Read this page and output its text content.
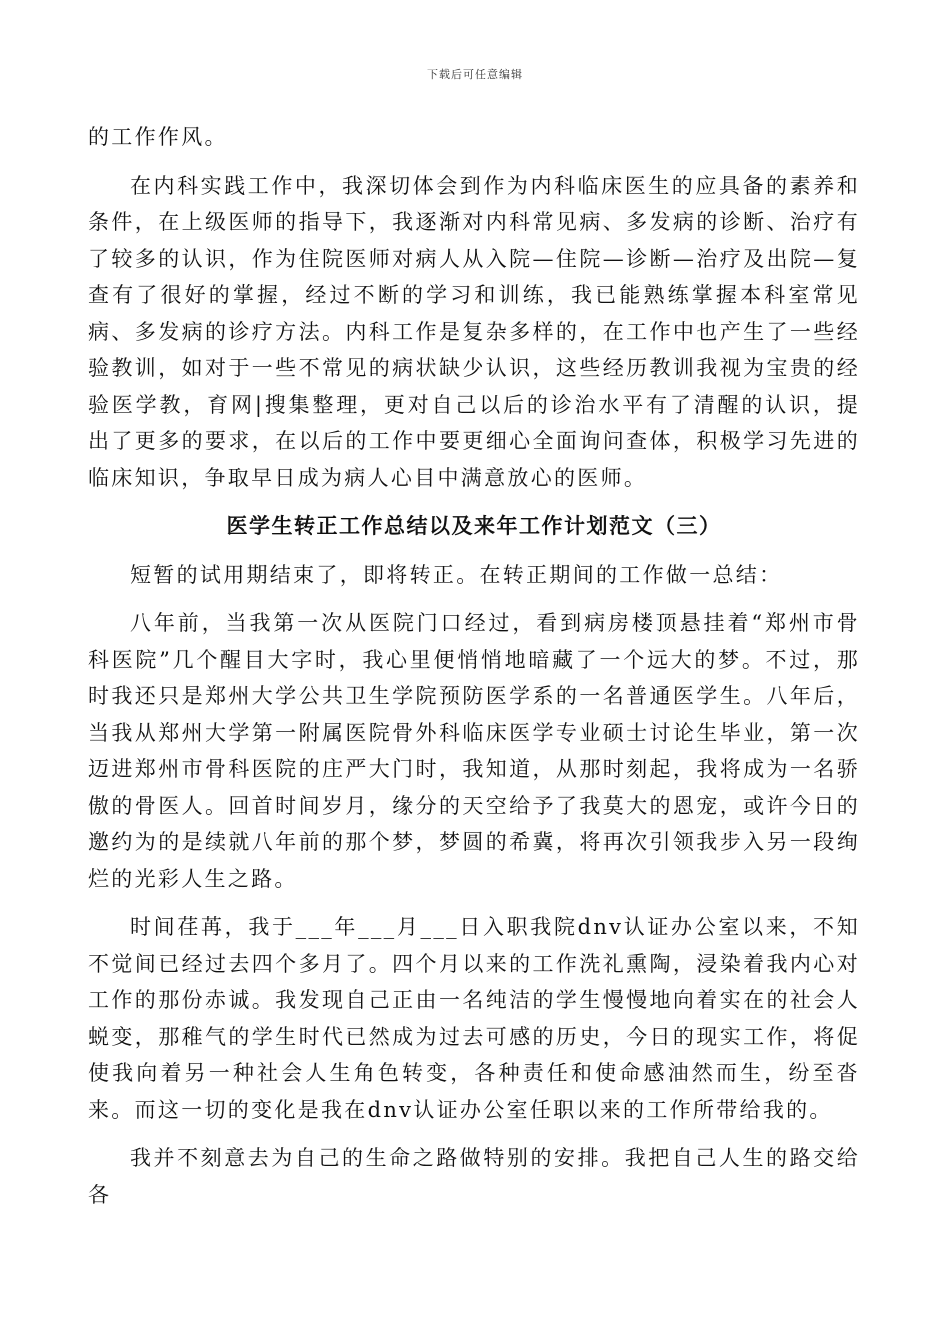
下载后可任意编辑

的工作作风。

在内科实践工作中，我深切体会到作为内科临床医生的应具备的素养和条件，在上级医师的指导下，我逐渐对内科常见病、多发病的诊断、治疗有了较多的认识，作为住院医师对病人从入院—住院—诊断—治疗及出院—复查有了很好的掌握，经过不断的学习和训练，我已能熟练掌握本科室常见病、多发病的诊疗方法。内科工作是复杂多样的，在工作中也产生了一些经验教训，如对于一些不常见的病状缺少认识，这些经历教训我视为宝贵的经验医学教，育网|搜集整理，更对自己以后的诊治水平有了清醒的认识，提出了更多的要求，在以后的工作中要更细心全面询问查体，积极学习先进的临床知识，争取早日成为病人心目中满意放心的医师。

医学生转正工作总结以及来年工作计划范文（三）

短暂的试用期结束了，即将转正。在转正期间的工作做一总结：

八年前，当我第一次从医院门口经过，看到病房楼顶悬挂着“郑州市骨科医院”几个醒目大字时，我心里便悄悄地暗藏了一个远大的梦。不过，那时我还只是郑州大学公共卫生学院预防医学系的一名普通医学生。八年后，当我从郑州大学第一附属医院骨外科临床医学专业硕士讨论生毕业，第一次迈进郑州市骨科医院的庄严大门时，我知道，从那时刻起，我将成为一名骄傲的骨医人。回首时间岁月，缘分的天空给予了我莫大的恩宠，或许今日的邀约为的是续就八年前的那个梦，梦圆的希冀，将再次引领我步入另一段绚烂的光彩人生之路。

时间荏苒，我于___年___月___日入职我院dnv认证办公室以来，不知不觉间已经过去四个多月了。四个月以来的工作洗礼熏陶，浸染着我内心对工作的那份赤诚。我发现自己正由一名纯洁的学生慢慢地向着实在的社会人蜕变，那稚气的学生时代已然成为过去可感的历史，今日的现实工作，将促使我向着另一种社会人生角色转变，各种责任和使命感油然而生，纷至沓来。而这一切的变化是我在dnv认证办公室任职以来的工作所带给我的。

我并不刻意去为自己的生命之路做特别的安排。我把自己人生的路交给各
